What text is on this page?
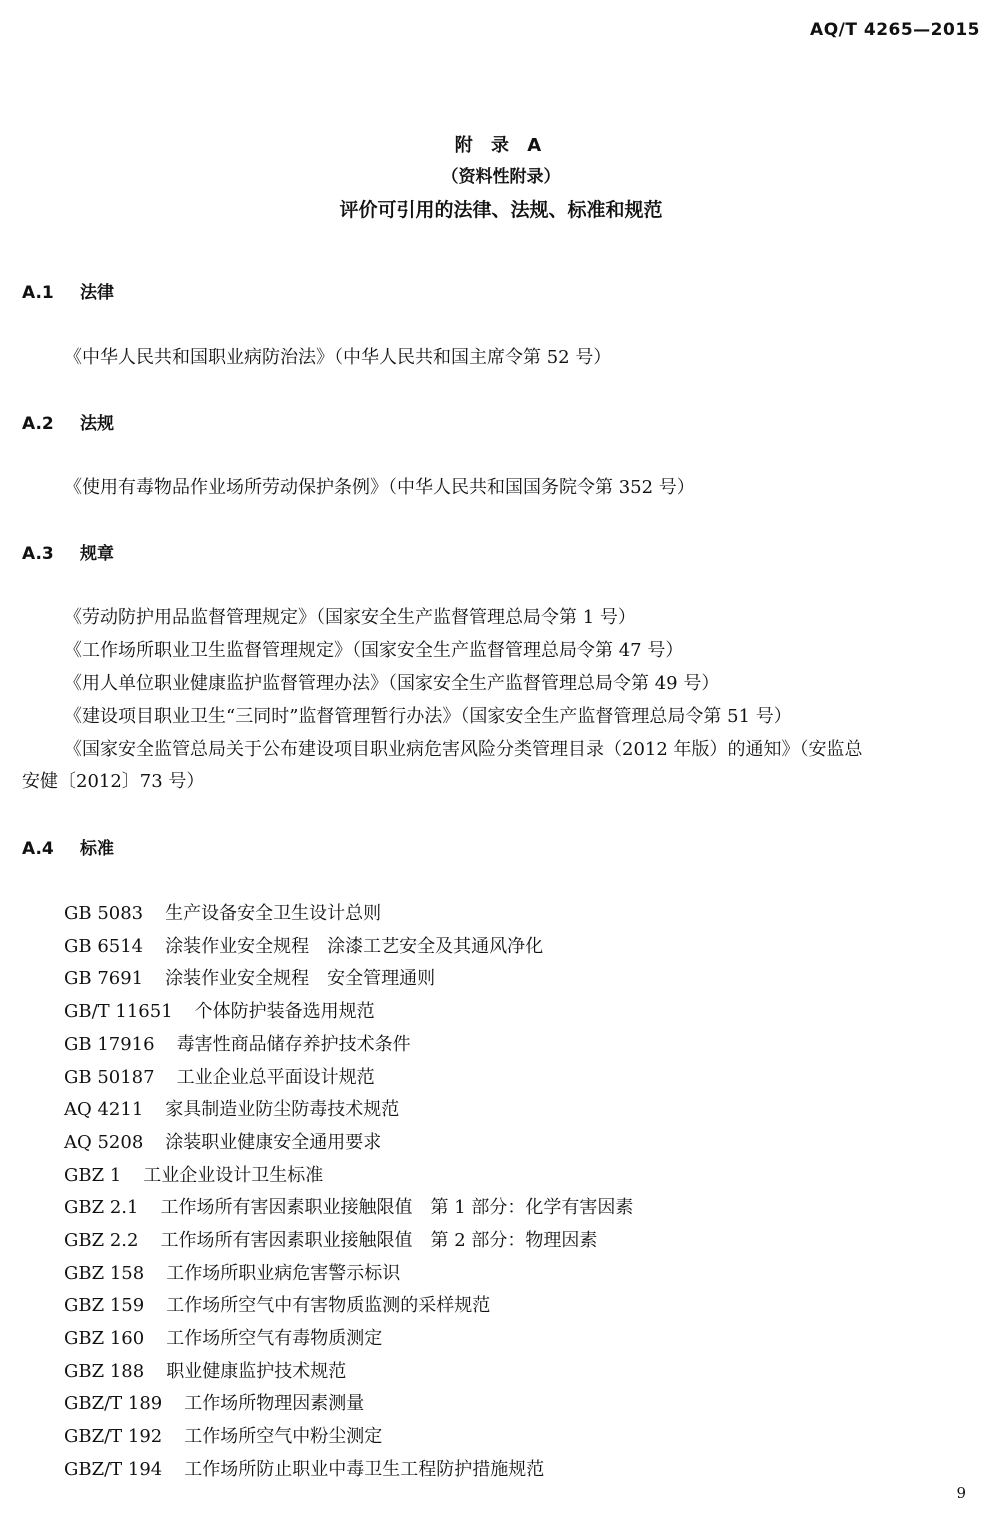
AQ/T 4265—2015
附 录 A
（资料性附录）
评价可引用的法律、法规、标准和规范
A.1 法律
《中华人民共和国职业病防治法》（中华人民共和国主席令第 52 号）
A.2 法规
《使用有毒物品作业场所劳动保护条例》（中华人民共和国国务院令第 352 号）
A.3 规章
《劳动防护用品监督管理规定》（国家安全生产监督管理总局令第 1 号）
《工作场所职业卫生监督管理规定》（国家安全生产监督管理总局令第 47 号）
《用人单位职业健康监护监督管理办法》（国家安全生产监督管理总局令第 49 号）
《建设项目职业卫生“三同时”监督管理暂行办法》（国家安全生产监督管理总局令第 51 号）
《国家安全监管总局关于公布建设项目职业病危害风险分类管理目录（2012 年版）的通知》（安监总
安健〔2012〕73 号）
A.4 标准
GB 5083 生产设备安全卫生设计总则
GB 6514 涂装作业安全规程　涂漆工艺安全及其通风净化
GB 7691 涂装作业安全规程　安全管理通则
GB/T 11651 个体防护装备选用规范
GB 17916 毒害性商品储存养护技术条件
GB 50187 工业企业总平面设计规范
AQ 4211 家具制造业防尘防毒技术规范
AQ 5208 涂装职业健康安全通用要求
GBZ 1 工业企业设计卫生标准
GBZ 2.1 工作场所有害因素职业接触限值　第 1 部分：化学有害因素
GBZ 2.2 工作场所有害因素职业接触限值　第 2 部分：物理因素
GBZ 158 工作场所职业病危害警示标识
GBZ 159 工作场所空气中有害物质监测的采样规范
GBZ 160 工作场所空气有毒物质测定
GBZ 188 职业健康监护技术规范
GBZ/T 189 工作场所物理因素测量
GBZ/T 192 工作场所空气中粉尘测定
GBZ/T 194 工作场所防止职业中毒卫生工程防护措施规范
9
